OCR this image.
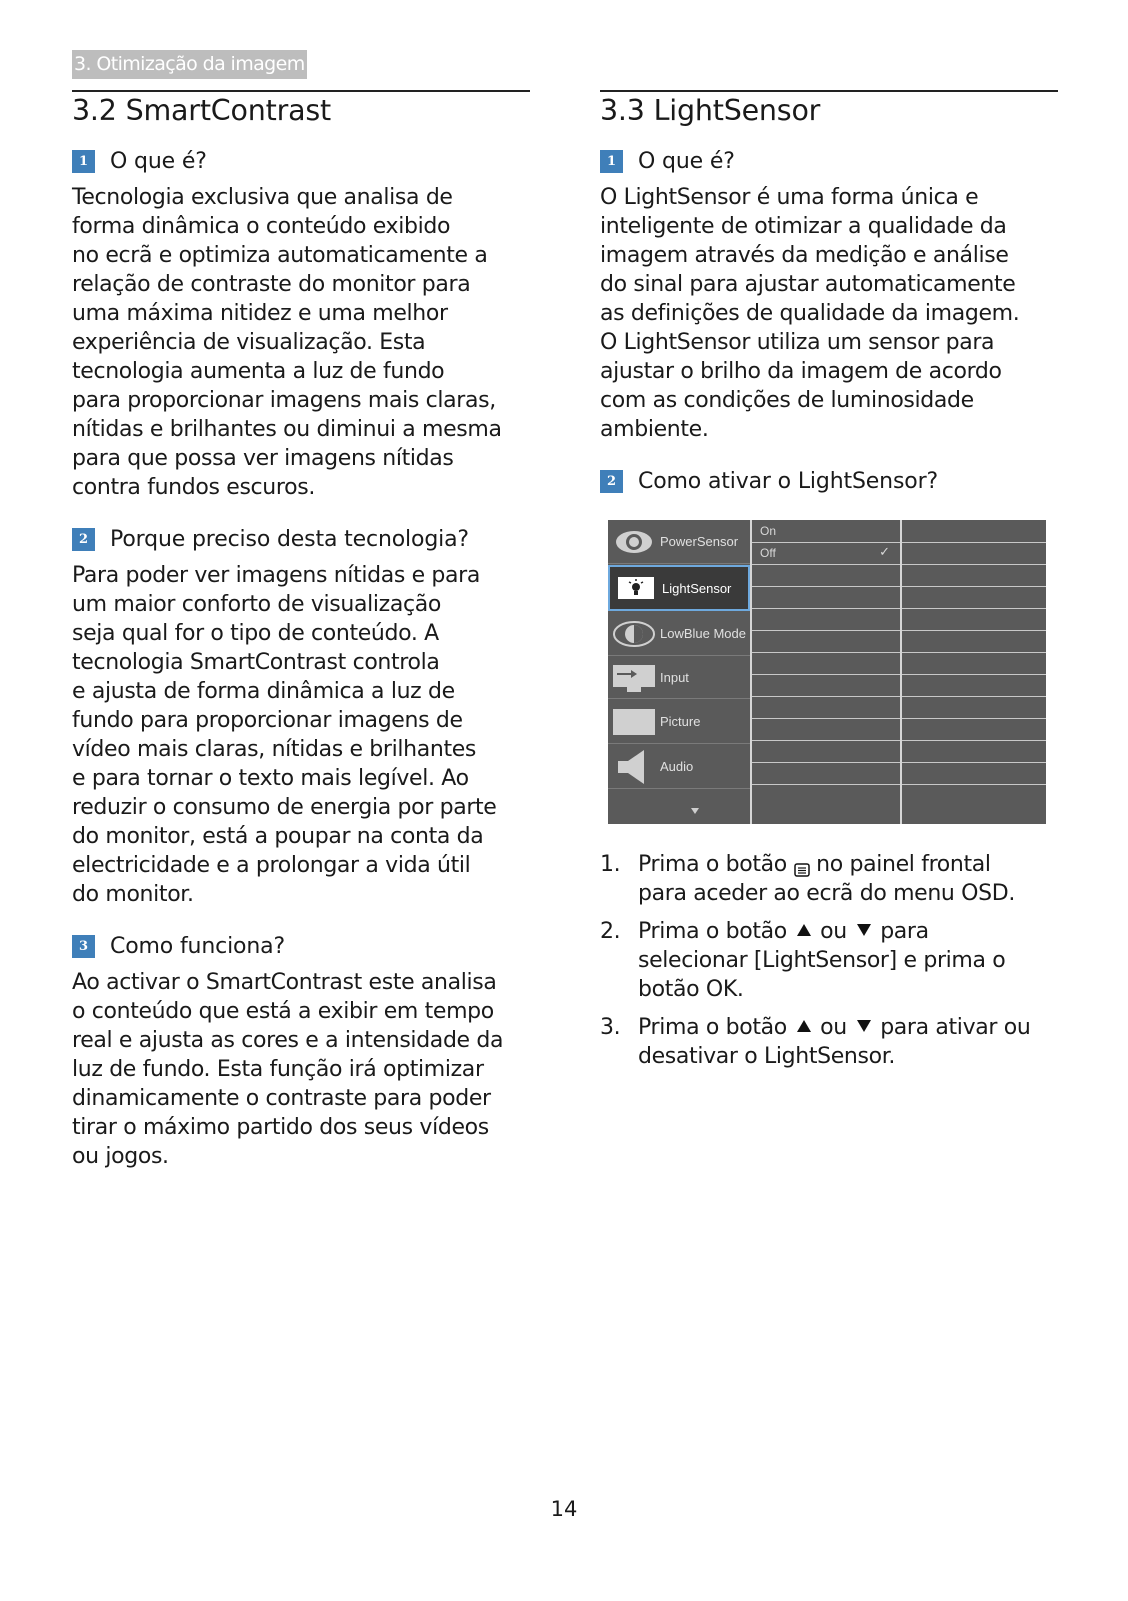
3. Otimização da imagem
3.2 SmartContrast
1 O que é?

Tecnologia exclusiva que analisa de
forma dinâmica o conteúdo exibido
no ecrã e optimiza automaticamente a
relação de contraste do monitor para
uma máxima nitidez e uma melhor
experiência de visualização. Esta
tecnologia aumenta a luz de fundo
para proporcionar imagens mais claras,
nítidas e brilhantes ou diminui a mesma
para que possa ver imagens nítidas
contra fundos escuros.

2 Porque preciso desta tecnologia?

Para poder ver imagens nítidas e para
um maior conforto de visualização
seja qual for o tipo de conteúdo. A
tecnologia SmartContrast controla
e ajusta de forma dinâmica a luz de
fundo para proporcionar imagens de
vídeo mais claras, nítidas e brilhantes
e para tornar o texto mais legível. Ao
reduzir o consumo de energia por parte
do monitor, está a poupar na conta da
electricidade e a prolongar a vida útil
do monitor.

3 Como funciona?

Ao activar o SmartContrast este analisa
o conteúdo que está a exibir em tempo
real e ajusta as cores e a intensidade da
luz de fundo. Esta função irá optimizar
dinamicamente o contraste para poder
tirar o máximo partido dos seus vídeos
ou jogos.

3.3 LightSensor
1 O que é?

O LightSensor é uma forma única e
inteligente de otimizar a qualidade da
imagem através da medição e análise
do sinal para ajustar automaticamente
as definições de qualidade da imagem.
O LightSensor utiliza um sensor para
ajustar o brilho da imagem de acordo
com as condições de luminosidade
ambiente.

2 Como ativar o LightSensor?
PowerSensor
LightSensor
LowBlue Mode
Input
Picture
Audio
On
Off	✓
1. Prima o botão no painel frontal
para aceder ao ecrã do menu OSD.
2. Prima o botão ou para
selecionar [LightSensor] e prima o
botão OK.
3. Prima o botão ou para ativar ou
desativar o LightSensor.
14
